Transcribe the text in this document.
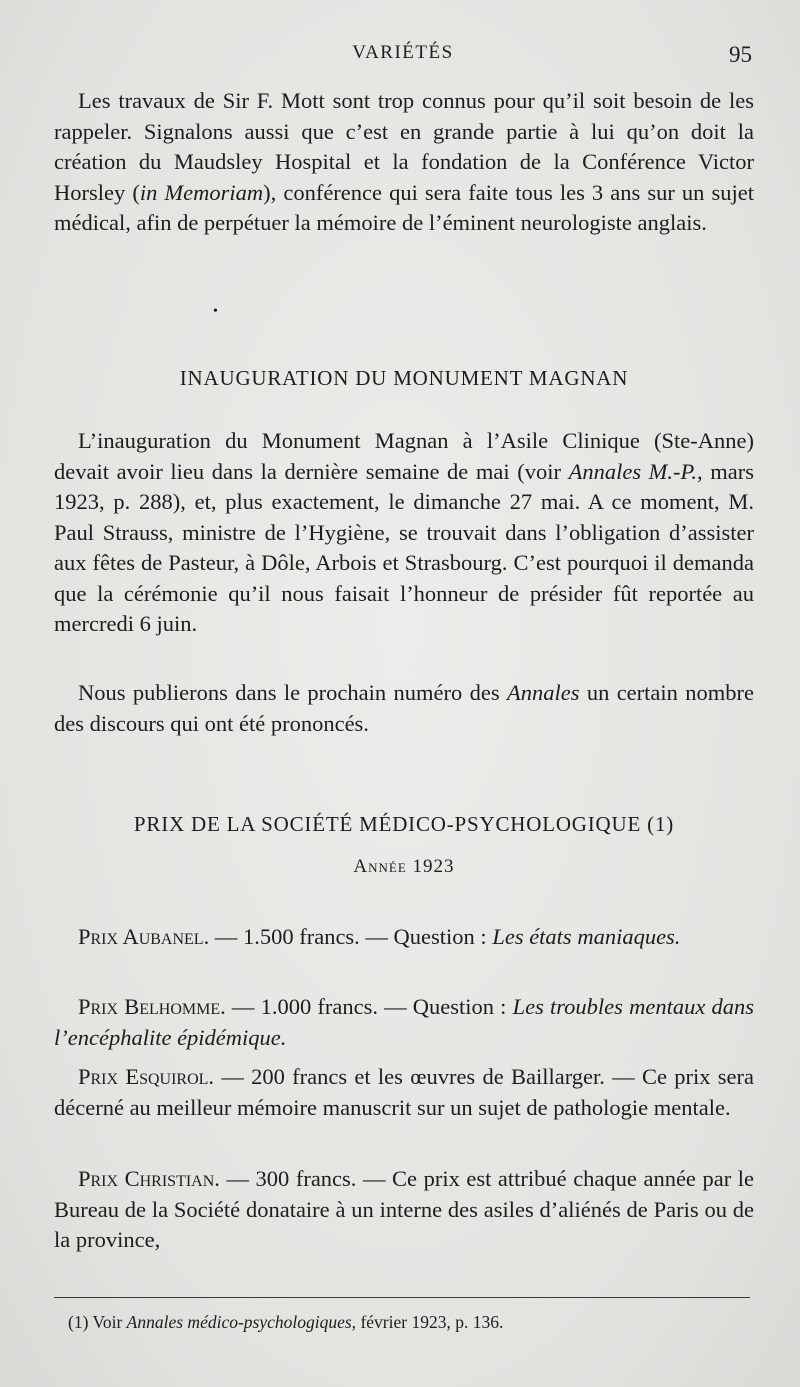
VARIÉTÉS	95

Les travaux de Sir F. Mott sont trop connus pour qu’il soit besoin de les rappeler. Signalons aussi que c’est en grande partie à lui qu’on doit la création du Maudsley Hospital et la fondation de la Conférence Victor Horsley (in Memoriam), conférence qui sera faite tous les 3 ans sur un sujet médical, afin de perpétuer la mémoire de l’éminent neurologiste anglais.

•

INAUGURATION DU MONUMENT MAGNAN

L’inauguration du Monument Magnan à l’Asile Clinique (Ste-Anne) devait avoir lieu dans la dernière semaine de mai (voir Annales M.-P., mars 1923, p. 288), et, plus exactement, le dimanche 27 mai. A ce moment, M. Paul Strauss, ministre de l’Hygiène, se trouvait dans l’obligation d’assister aux fêtes de Pasteur, à Dôle, Arbois et Strasbourg. C’est pourquoi il demanda que la cérémonie qu’il nous faisait l’honneur de présider fût reportée au mercredi 6 juin.

Nous publierons dans le prochain numéro des Annales un certain nombre des discours qui ont été prononcés.

PRIX DE LA SOCIÉTÉ MÉDICO-PSYCHOLOGIQUE (1)

Année 1923

Prix Aubanel. — 1.500 francs. — Question : Les états maniaques.

Prix Belhomme. — 1.000 francs. — Question : Les troubles mentaux dans l’encéphalite épidémique.

Prix Esquirol. — 200 francs et les œuvres de Baillarger. — Ce prix sera décerné au meilleur mémoire manuscrit sur un sujet de pathologie mentale.

Prix Christian. — 300 francs. — Ce prix est attribué chaque année par le Bureau de la Société donataire à un interne des asiles d’aliénés de Paris ou de la province,

(1) Voir Annales médico-psychologiques, février 1923, p. 136.
